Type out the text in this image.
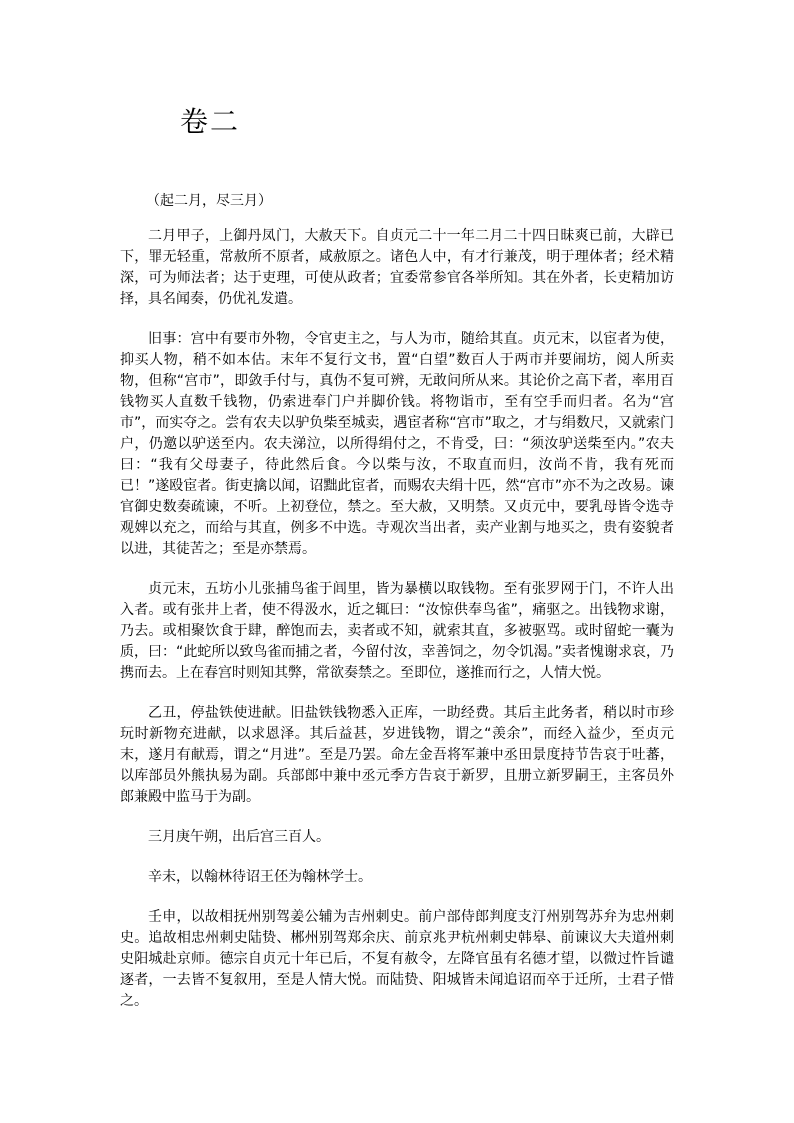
卷二

（起二月，尽三月）

二月甲子，上御丹凤门，大赦天下。自贞元二十一年二月二十四日昧爽已前，大辟已下，罪无轻重，常赦所不原者，咸赦原之。诸色人中，有才行兼茂，明于理体者；经术精深，可为师法者；达于吏理，可使从政者；宜委常参官各举所知。其在外者，长吏精加访择，具名闻奏，仍优礼发遣。

旧事：宫中有要市外物，令官吏主之，与人为市，随给其直。贞元末，以宦者为使，抑买人物，稍不如本估。末年不复行文书，置“白望”数百人于两市并要闹坊，阅人所卖物，但称“宫市”，即敛手付与，真伪不复可辨，无敢问所从来。其论价之高下者，率用百钱物买人直数千钱物，仍索进奉门户并脚价钱。将物诣市，至有空手而归者。名为“宫市”，而实夺之。尝有农夫以驴负柴至城卖，遇宦者称“宫市”取之，才与绢数尺，又就索门户，仍邀以驴送至内。农夫涕泣，以所得绢付之，不肯受，曰：“须汝驴送柴至内。”农夫曰：“我有父母妻子，待此然后食。今以柴与汝，不取直而归，汝尚不肯，我有死而已！”遂殴宦者。街吏擒以闻，诏黜此宦者，而赐农夫绢十匹，然“宫市”亦不为之改易。谏官御史数奏疏谏，不听。上初登位，禁之。至大赦，又明禁。又贞元中，要乳母皆令选寺观婢以充之，而给与其直，例多不中选。寺观次当出者，卖产业割与地买之，贵有姿貌者以进，其徒苦之；至是亦禁焉。

贞元末，五坊小儿张捕鸟雀于闾里，皆为暴横以取钱物。至有张罗网于门，不许人出入者。或有张井上者，使不得汲水，近之辄曰：“汝惊供奉鸟雀”，痛驱之。出钱物求谢，乃去。或相聚饮食于肆，醉饱而去，卖者或不知，就索其直，多被驱骂。或时留蛇一囊为质，曰：“此蛇所以致鸟雀而捕之者，今留付汝，幸善饲之，勿令饥渴。”卖者愧谢求哀，乃携而去。上在春宫时则知其弊，常欲奏禁之。至即位，遂推而行之，人情大悦。

乙丑，停盐铁使进献。旧盐铁钱物悉入正库，一助经费。其后主此务者，稍以时市珍玩时新物充进献，以求恩泽。其后益甚，岁进钱物，谓之“羡余”，而经入益少，至贞元末，遂月有献焉，谓之“月进”。至是乃罢。命左金吾将军兼中丞田景度持节告哀于吐蕃，以库部员外熊执易为副。兵部郎中兼中丞元季方告哀于新罗，且册立新罗嗣王，主客员外郎兼殿中监马于为副。

三月庚午朔，出后宫三百人。

辛未，以翰林待诏王伾为翰林学士。

壬申，以故相抚州别驾姜公辅为吉州刺史。前户部侍郎判度支汀州别驾苏弁为忠州刺史。追故相忠州刺史陆贽、郴州别驾郑余庆、前京兆尹杭州刺史韩皋、前谏议大夫道州刺史阳城赴京师。德宗自贞元十年已后，不复有赦令，左降官虽有名德才望，以微过忤旨谴逐者，一去皆不复叙用，至是人情大悦。而陆贽、阳城皆未闻追诏而卒于迁所，士君子惜之。
